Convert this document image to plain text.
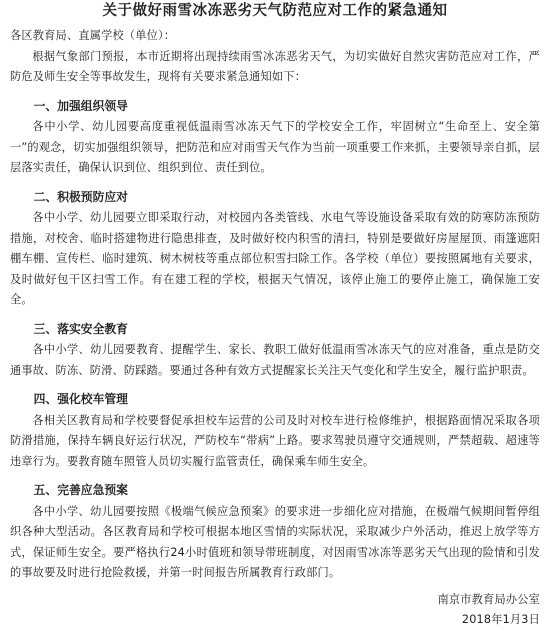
关于做好雨雪冰冻恶劣天气防范应对工作的紧急通知

各区教育局、直属学校（单位）：

根据气象部门预报，本市近期将出现持续雨雪冰冻恶劣天气，为切实做好自然灾害防范应对工作，严防危及师生安全等事故发生，现将有关要求紧急通知如下：

一、加强组织领导

各中小学、幼儿园要高度重视低温雨雪冰冻天气下的学校安全工作，牢固树立“生命至上、安全第一”的观念，切实加强组织领导，把防范和应对雨雪天气作为当前一项重要工作来抓，主要领导亲自抓，层层落实责任，确保认识到位、组织到位、责任到位。

二、积极预防应对

各中小学、幼儿园要立即采取行动，对校园内各类管线、水电气等设施设备采取有效的防寒防冻预防措施，对校舍、临时搭建物进行隐患排查，及时做好校内积雪的清扫，特别是要做好房屋屋顶、雨篷遮阳棚车棚、宣传栏、临时建筑、树木树枝等重点部位积雪扫除工作。各学校（单位）要按照属地有关要求，及时做好包干区扫雪工作。有在建工程的学校，根据天气情况，该停止施工的要停止施工，确保施工安全。

三、落实安全教育

各中小学、幼儿园要教育、提醒学生、家长、教职工做好低温雨雪冰冻天气的应对准备，重点是防交通事故、防冻、防滑、防踩踏。要通过各种有效方式提醒家长关注天气变化和学生安全，履行监护职责。

四、强化校车管理

各相关区教育局和学校要督促承担校车运营的公司及时对校车进行检修维护，根据路面情况采取各项防滑措施，保持车辆良好运行状况，严防校车“带病”上路。要求驾驶员遵守交通规则，严禁超载、超速等违章行为。要教育随车照管人员切实履行监管责任，确保乘车师生安全。

五、完善应急预案

各中小学、幼儿园要按照《极端气候应急预案》的要求进一步细化应对措施，在极端气候期间暂停组织各种大型活动。各区教育局和学校可根据本地区雪情的实际状况，采取减少户外活动，推迟上放学等方式，保证师生安全。要严格执行24小时值班和领导带班制度，对因雨雪冰冻等恶劣天气出现的险情和引发的事故要及时进行抢险救援，并第一时间报告所属教育行政部门。

南京市教育局办公室

2018年1月3日
